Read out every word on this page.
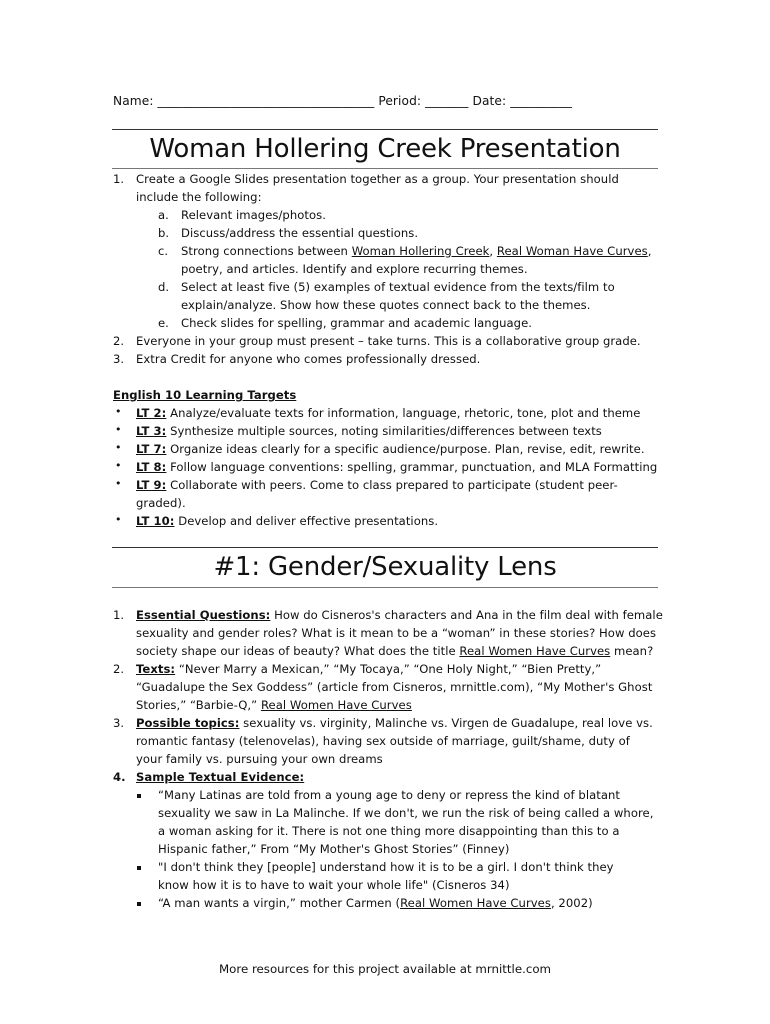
Name: ___________________________________ Period: _______ Date: __________
Woman Hollering Creek Presentation
1. Create a Google Slides presentation together as a group. Your presentation should
include the following:
a. Relevant images/photos.
b. Discuss/address the essential questions.
c. Strong connections between Woman Hollering Creek, Real Woman Have Curves,
poetry, and articles. Identify and explore recurring themes.
d. Select at least five (5) examples of textual evidence from the texts/film to
explain/analyze. Show how these quotes connect back to the themes.
e. Check slides for spelling, grammar and academic language.
2. Everyone in your group must present – take turns. This is a collaborative group grade.
3. Extra Credit for anyone who comes professionally dressed.
English 10 Learning Targets
• LT 2: Analyze/evaluate texts for information, language, rhetoric, tone, plot and theme
• LT 3: Synthesize multiple sources, noting similarities/differences between texts
• LT 7: Organize ideas clearly for a specific audience/purpose. Plan, revise, edit, rewrite.
• LT 8: Follow language conventions: spelling, grammar, punctuation, and MLA Formatting
• LT 9: Collaborate with peers. Come to class prepared to participate (student peer-
graded).
• LT 10: Develop and deliver effective presentations.
#1: Gender/Sexuality Lens
1. Essential Questions: How do Cisneros's characters and Ana in the film deal with female
sexuality and gender roles? What is it mean to be a “woman” in these stories? How does
society shape our ideas of beauty? What does the title Real Women Have Curves mean?
2. Texts: “Never Marry a Mexican,” “My Tocaya,” “One Holy Night,” “Bien Pretty,”
“Guadalupe the Sex Goddess” (article from Cisneros, mrnittle.com), “My Mother's Ghost
Stories,” “Barbie-Q,” Real Women Have Curves
3. Possible topics: sexuality vs. virginity, Malinche vs. Virgen de Guadalupe, real love vs.
romantic fantasy (telenovelas), having sex outside of marriage, guilt/shame, duty of
your family vs. pursuing your own dreams
4. Sample Textual Evidence:
“Many Latinas are told from a young age to deny or repress the kind of blatant
sexuality we saw in La Malinche. If we don't, we run the risk of being called a whore,
a woman asking for it. There is not one thing more disappointing than this to a
Hispanic father,” From “My Mother's Ghost Stories” (Finney)
"I don't think they [people] understand how it is to be a girl. I don't think they
know how it is to have to wait your whole life" (Cisneros 34)
“A man wants a virgin,” mother Carmen (Real Women Have Curves, 2002)
More resources for this project available at mrnittle.com
